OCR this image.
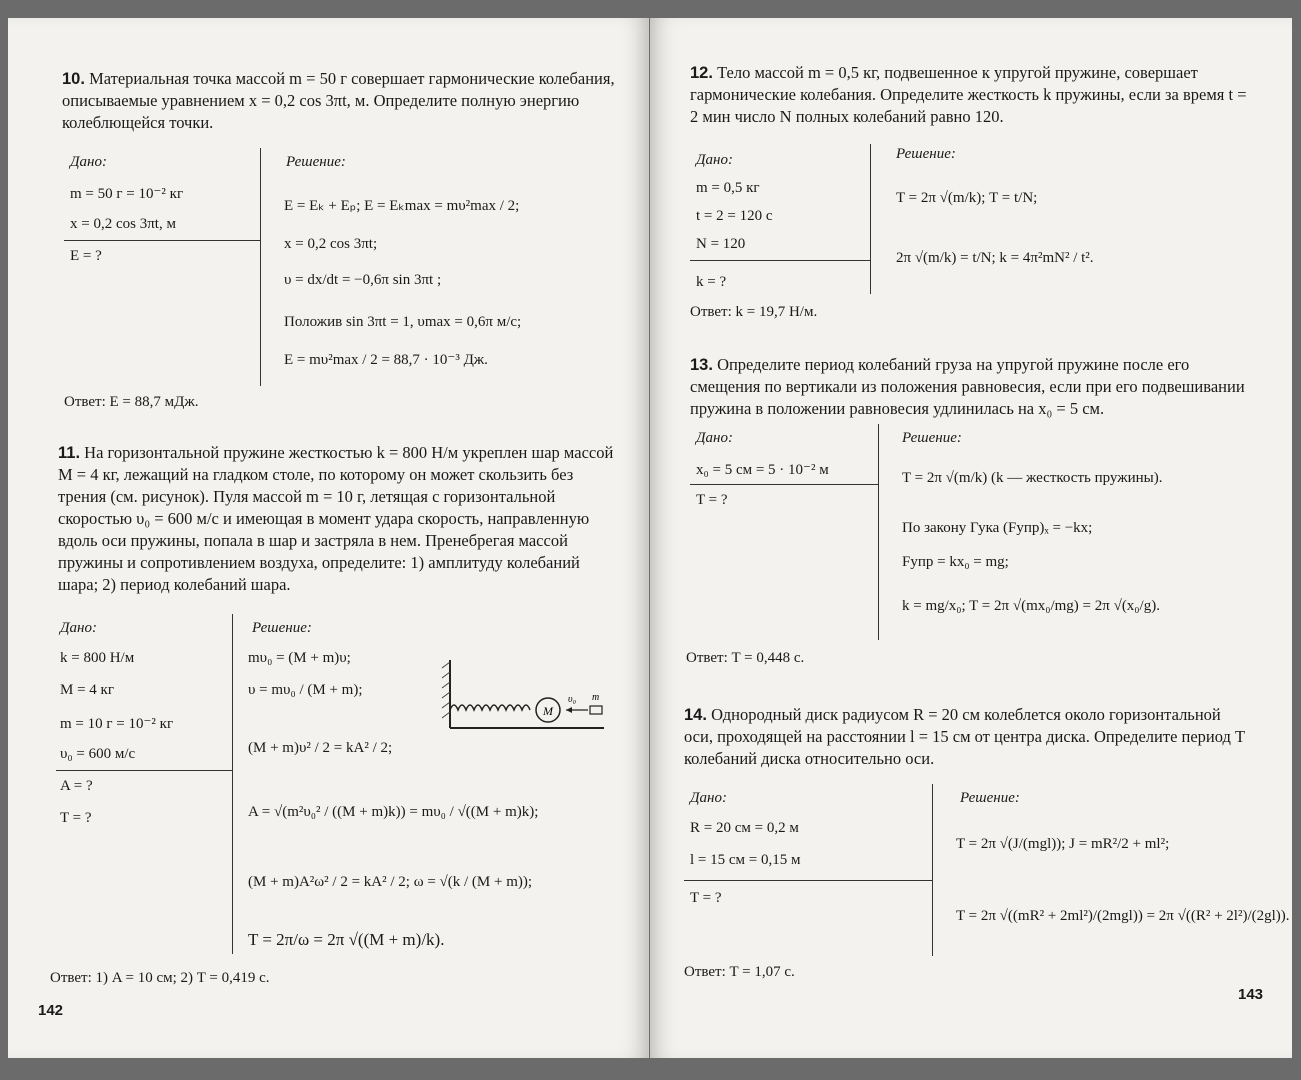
10. Материальная точка массой m = 50 г совершает гармонические колебания, описываемые уравнением x = 0,2 cos 3πt, м. Определите полную энергию колеблющейся точки.
Дано:
m = 50 г = 10⁻² кг
x = 0,2 cos 3πt, м
E = ?
Решение:
E = Eₖ + Eₚ; E = Eₖmax = mυ²max / 2;
x = 0,2 cos 3πt;
υ = dx/dt = −0,6π sin 3πt ;
Положив sin 3πt = 1, υmax = 0,6π м/с;
E = mυ²max / 2 = 88,7 · 10⁻³ Дж.
Ответ: E = 88,7 мДж.
11. На горизонтальной пружине жесткостью k = 800 Н/м укреплен шар массой M = 4 кг, лежащий на гладком столе, по которому он может скользить без трения (см. рисунок). Пуля массой m = 10 г, летящая с горизонтальной скоростью υ₀ = 600 м/с и имеющая в момент удара скорость, направленную вдоль оси пружины, попала в шар и застряла в нем. Пренебрегая массой пружины и сопротивлением воздуха, определите: 1) амплитуду колебаний шара; 2) период колебаний шара.
Дано:
k = 800 Н/м
M = 4 кг
m = 10 г = 10⁻² кг
υ₀ = 600 м/с
A = ?
T = ?
Решение:
mυ₀ = (M + m)υ;
υ = mυ₀ / (M + m);
(M + m)υ² / 2 = kA² / 2;
A = √(m²υ₀² / ((M + m)k)) = mυ₀ / √((M + m)k);
(M + m)A²ω² / 2 = kA² / 2; ω = √(k / (M + m));
T = 2π/ω = 2π √((M + m)/k).
M
υ₀ m
Ответ: 1) A = 10 см; 2) T = 0,419 с.
142
12. Тело массой m = 0,5 кг, подвешенное к упругой пружине, совершает гармонические колебания. Определите жесткость k пружины, если за время t = 2 мин число N полных колебаний равно 120.
Дано:
m = 0,5 кг
t = 2 = 120 с
N = 120
k = ?
Решение:
T = 2π √(m/k); T = t/N;
2π √(m/k) = t/N; k = 4π²mN² / t².
Ответ: k = 19,7 Н/м.
13. Определите период колебаний груза на упругой пружине после его смещения по вертикали из положения равновесия, если при его подвешивании пружина в положении равновесия удлинилась на x₀ = 5 см.
Дано:
x₀ = 5 см = 5 · 10⁻² м
T = ?
Решение:
T = 2π √(m/k) (k — жесткость пружины).
По закону Гука (Fупр)ₓ = −kx;
Fупр = kx₀ = mg;
k = mg/x₀; T = 2π √(mx₀/mg) = 2π √(x₀/g).
Ответ: T = 0,448 с.
14. Однородный диск радиусом R = 20 см колеблется около горизонтальной оси, проходящей на расстоянии l = 15 см от центра диска. Определите период T колебаний диска относительно оси.
Дано:
R = 20 см = 0,2 м
l = 15 см = 0,15 м
T = ?
Решение:
T = 2π √(J/(mgl)); J = mR²/2 + ml²;
T = 2π √((mR² + 2ml²)/(2mgl)) = 2π √((R² + 2l²)/(2gl)).
Ответ: T = 1,07 с.
143
